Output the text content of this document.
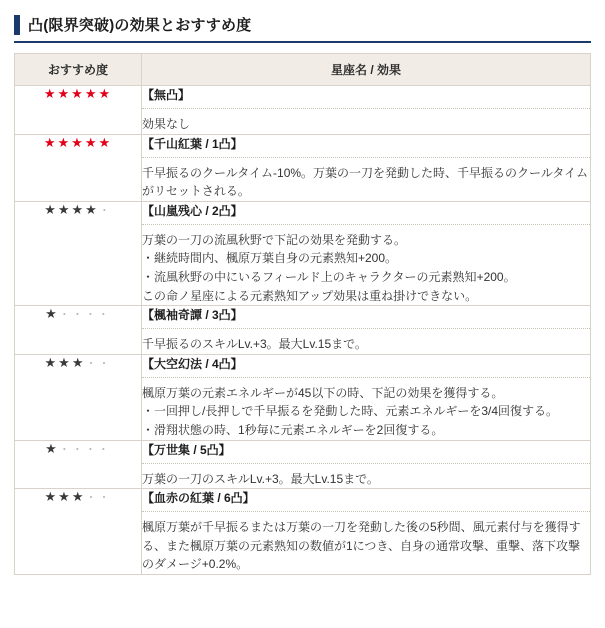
凸(限界突破)の効果とおすすめ度
おすすめ度	星座名 / 効果
★★★★★	【無凸】
効果なし

★★★★★	【千山紅葉 / 1凸】
千早振るのクールタイム-10%。万葉の一刀を発動した時、千早振るのクールタイムがリセットされる。

★★★★・	【山嵐残心 / 2凸】
万葉の一刀の流風秋野で下記の効果を発動する。
・継続時間内、楓原万葉自身の元素熟知+200。
・流風秋野の中にいるフィールド上のキャラクターの元素熟知+200。
この命ノ星座による元素熟知アップ効果は重ね掛けできない。

★・・・・	【楓袖奇譚 / 3凸】
千早振るのスキルLv.+3。最大Lv.15まで。

★★★・・	【大空幻法 / 4凸】
楓原万葉の元素エネルギーが45以下の時、下記の効果を獲得する。
・一回押し/長押しで千早振るを発動した時、元素エネルギーを3/4回復する。
・滑翔状態の時、1秒毎に元素エネルギーを2回復する。

★・・・・	【万世集 / 5凸】
万葉の一刀のスキルLv.+3。最大Lv.15まで。

★★★・・	【血赤の紅葉 / 6凸】
楓原万葉が千早振るまたは万葉の一刀を発動した後の5秒間、風元素付与を獲得する、また楓原万葉の元素熟知の数値が1につき、自身の通常攻撃、重撃、落下攻撃のダメージ+0.2%。
